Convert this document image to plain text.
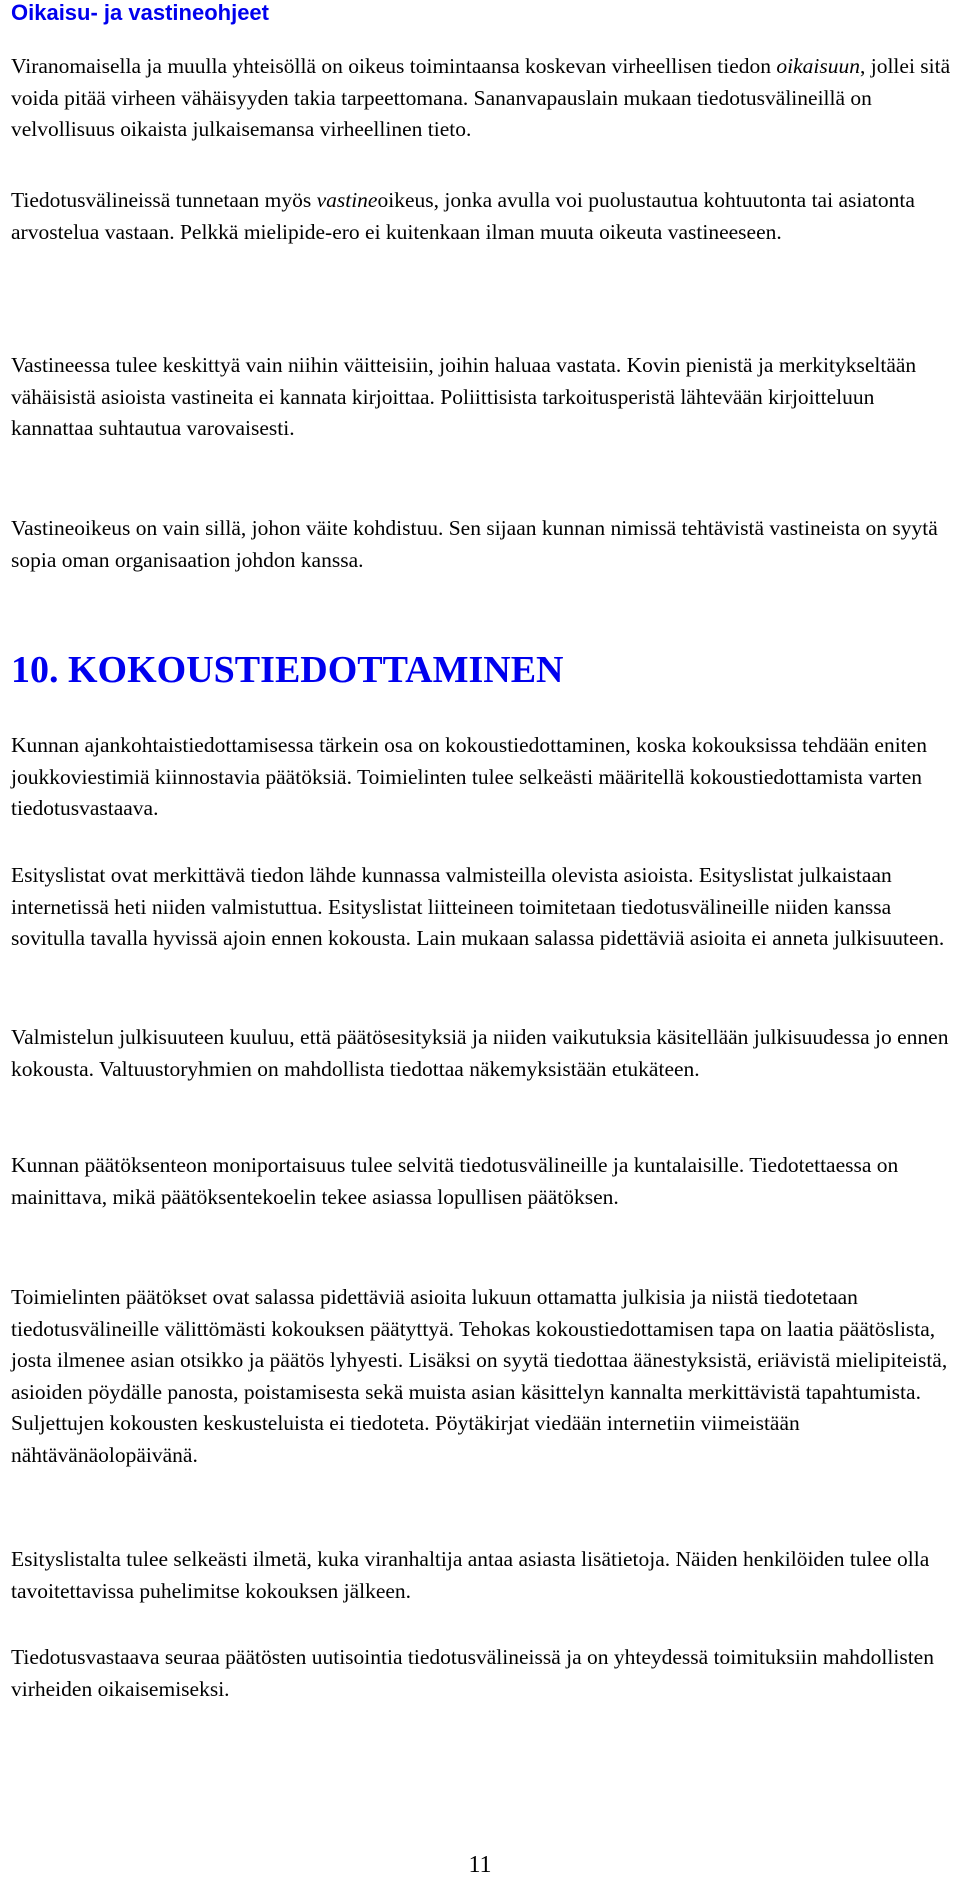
Oikaisu- ja vastineohjeet

Viranomaisella ja muulla yhteisöllä on oikeus toimintaansa koskevan virheellisen tiedon oikaisuun, jollei sitä voida pitää virheen vähäisyyden takia tarpeettomana. Sananvapauslain mukaan tiedotusvälineillä on velvollisuus oikaista julkaisemansa virheellinen tieto.

Tiedotusvälineissä tunnetaan myös vastineoikeus, jonka avulla voi puolustautua kohtuutonta tai asiatonta arvostelua vastaan. Pelkkä mielipide-ero ei kuitenkaan ilman muuta oikeuta vastineeseen.

Vastineessa tulee keskittyä vain niihin väitteisiin, joihin haluaa vastata. Kovin pienistä ja merkitykseltään vähäisistä asioista vastineita ei kannata kirjoittaa. Poliittisista tarkoitusperistä lähtevään kirjoitteluun kannattaa suhtautua varovaisesti.

Vastineoikeus on vain sillä, johon väite kohdistuu. Sen sijaan kunnan nimissä tehtävistä vastineista on syytä sopia oman organisaation johdon kanssa.

10. KOKOUSTIEDOTTAMINEN

Kunnan ajankohtaistiedottamisessa tärkein osa on kokoustiedottaminen, koska kokouksissa tehdään eniten joukkoviestimiä kiinnostavia päätöksiä. Toimielinten tulee selkeästi määritellä kokoustiedottamista varten tiedotusvastaava.

Esityslistat ovat merkittävä tiedon lähde kunnassa valmisteilla olevista asioista. Esityslistat julkaistaan internetissä heti niiden valmistuttua. Esityslistat liitteineen toimitetaan tiedotusvälineille niiden kanssa sovitulla tavalla hyvissä ajoin ennen kokousta. Lain mukaan salassa pidettäviä asioita ei anneta julkisuuteen.

Valmistelun julkisuuteen kuuluu, että päätösesityksiä ja niiden vaikutuksia käsitellään julkisuudessa jo ennen kokousta. Valtuustoryhmien on mahdollista tiedottaa näkemyksistään etukäteen.

Kunnan päätöksenteon moniportaisuus tulee selvitä tiedotusvälineille ja kuntalaisille. Tiedotettaessa on mainittava, mikä päätöksentekoelin tekee asiassa lopullisen päätöksen.

Toimielinten päätökset ovat salassa pidettäviä asioita lukuun ottamatta julkisia ja niistä tiedotetaan tiedotusvälineille välittömästi kokouksen päätyttyä. Tehokas kokoustiedottamisen tapa on laatia päätöslista, josta ilmenee asian otsikko ja päätös lyhyesti. Lisäksi on syytä tiedottaa äänestyksistä, eriävistä mielipiteistä, asioiden pöydälle panosta, poistamisesta sekä muista asian käsittelyn kannalta merkittävistä tapahtumista. Suljettujen kokousten keskusteluista ei tiedoteta. Pöytäkirjat viedään internetiin viimeistään nähtävänäolopäivänä.

Esityslistalta tulee selkeästi ilmetä, kuka viranhaltija antaa asiasta lisätietoja. Näiden henkilöiden tulee olla tavoitettavissa puhelimitse kokouksen jälkeen.

Tiedotusvastaava seuraa päätösten uutisointia tiedotusvälineissä ja on yhteydessä toimituksiin mahdollisten virheiden oikaisemiseksi.

11
